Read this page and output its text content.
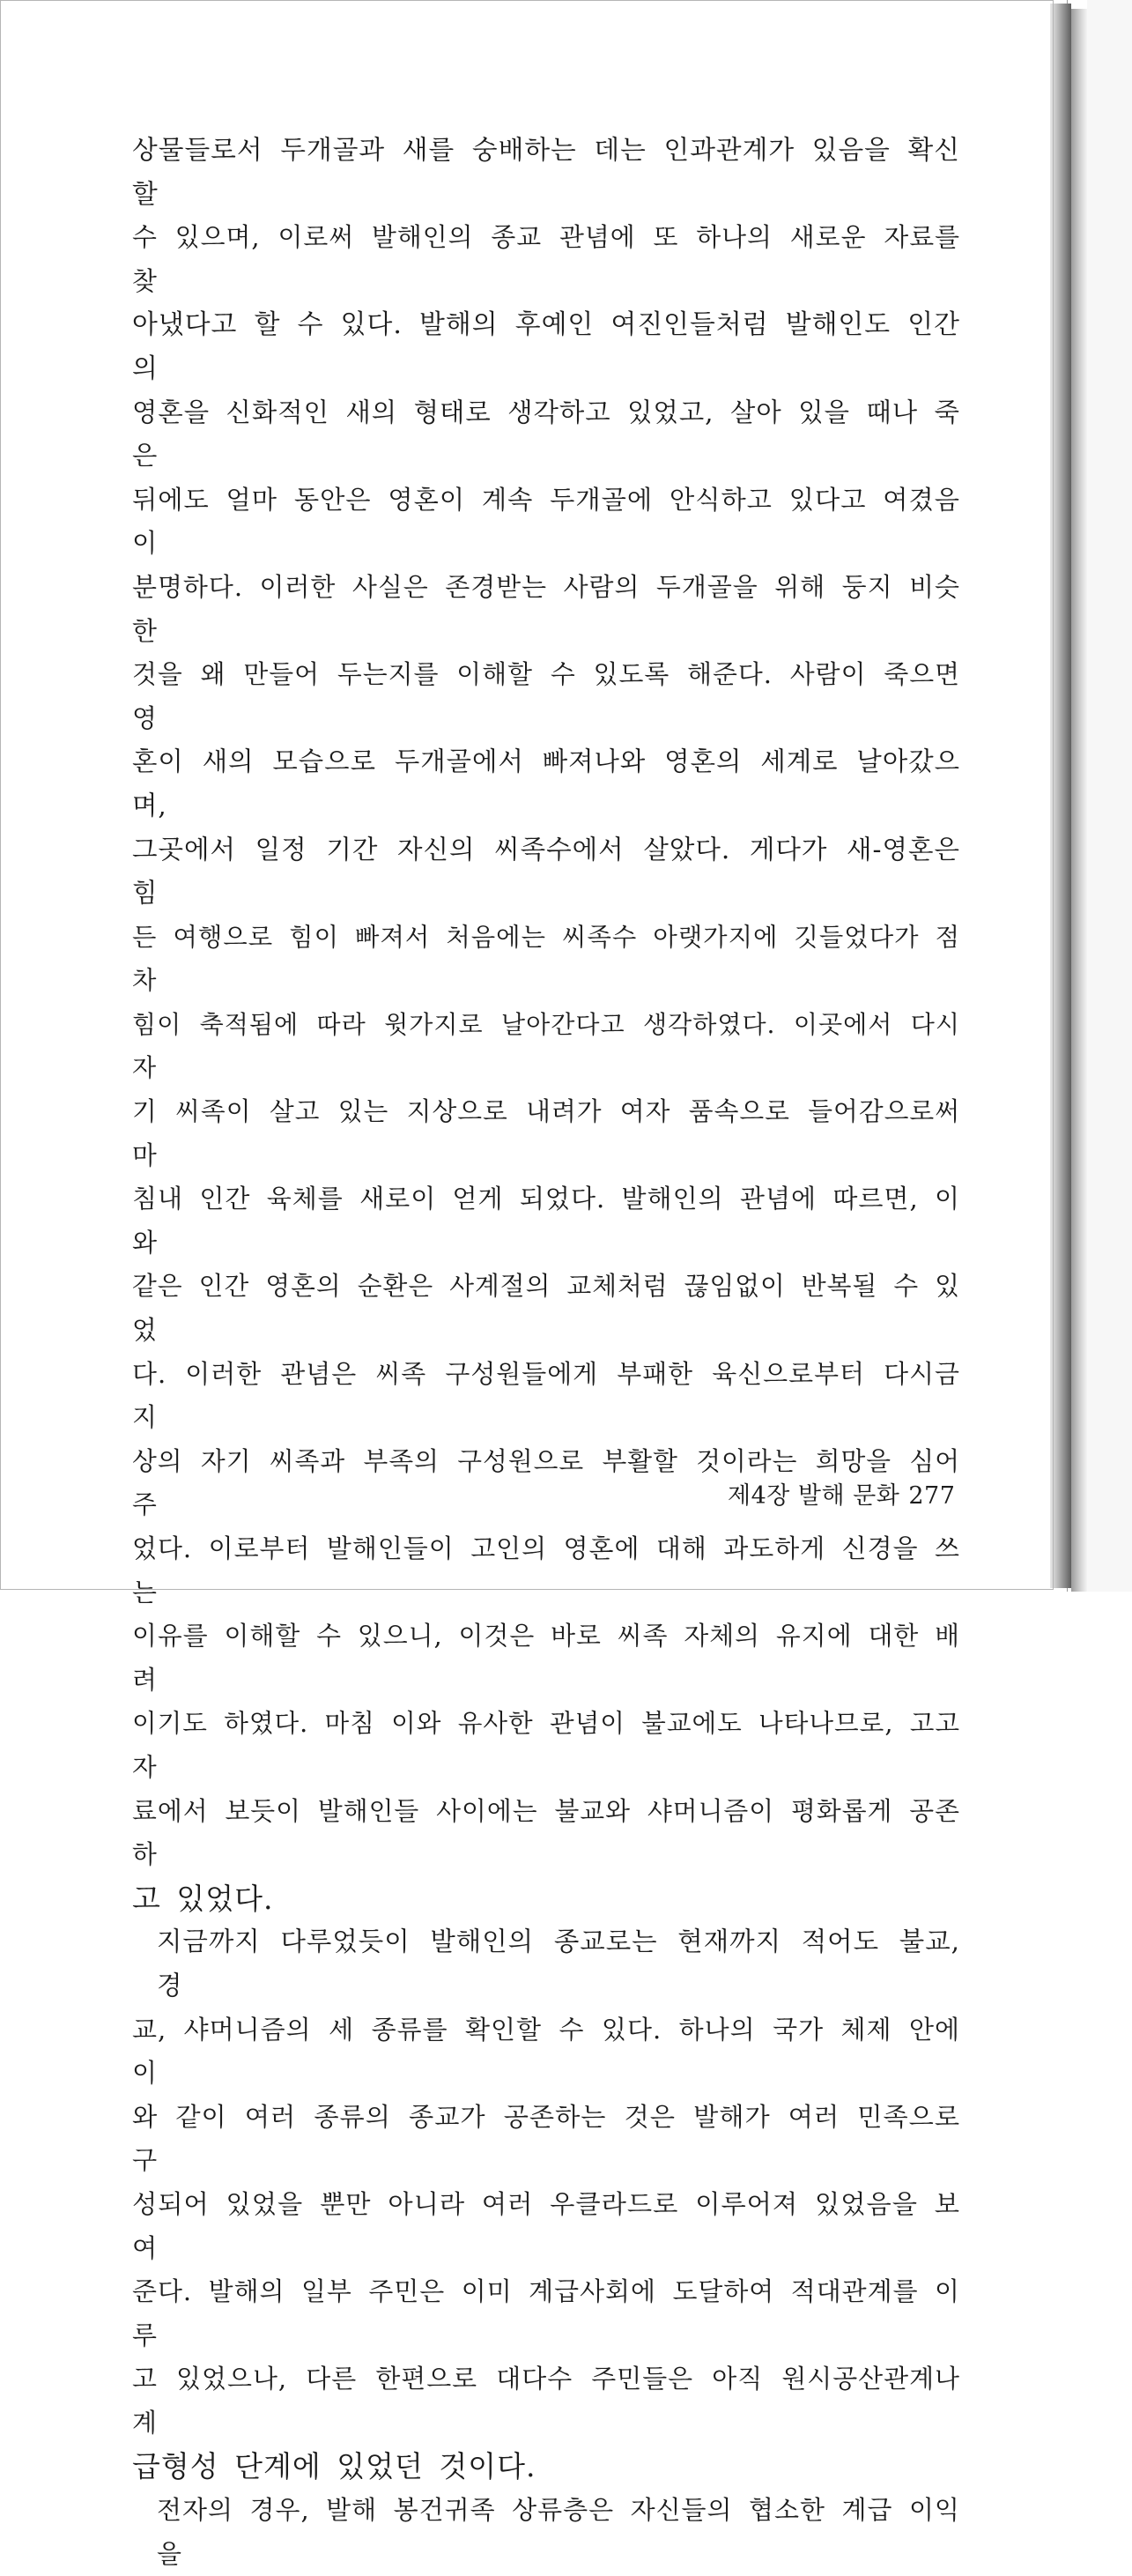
상물들로서 두개골과 새를 숭배하는 데는 인과관계가 있음을 확신할
수 있으며, 이로써 발해인의 종교 관념에 또 하나의 새로운 자료를 찾
아냈다고 할 수 있다. 발해의 후예인 여진인들처럼 발해인도 인간의
영혼을 신화적인 새의 형태로 생각하고 있었고, 살아 있을 때나 죽은
뒤에도 얼마 동안은 영혼이 계속 두개골에 안식하고 있다고 여겼음이
분명하다. 이러한 사실은 존경받는 사람의 두개골을 위해 둥지 비슷한
것을 왜 만들어 두는지를 이해할 수 있도록 해준다. 사람이 죽으면 영
혼이 새의 모습으로 두개골에서 빠져나와 영혼의 세계로 날아갔으며,
그곳에서 일정 기간 자신의 씨족수에서 살았다. 게다가 새-영혼은 힘
든 여행으로 힘이 빠져서 처음에는 씨족수 아랫가지에 깃들었다가 점차
힘이 축적됨에 따라 윗가지로 날아간다고 생각하였다. 이곳에서 다시 자
기 씨족이 살고 있는 지상으로 내려가 여자 품속으로 들어감으로써 마
침내 인간 육체를 새로이 얻게 되었다. 발해인의 관념에 따르면, 이와
같은 인간 영혼의 순환은 사계절의 교체처럼 끊임없이 반복될 수 있었
다. 이러한 관념은 씨족 구성원들에게 부패한 육신으로부터 다시금 지
상의 자기 씨족과 부족의 구성원으로 부활할 것이라는 희망을 심어 주
었다. 이로부터 발해인들이 고인의 영혼에 대해 과도하게 신경을 쓰는
이유를 이해할 수 있으니, 이것은 바로 씨족 자체의 유지에 대한 배려
이기도 하였다. 마침 이와 유사한 관념이 불교에도 나타나므로, 고고자
료에서 보듯이 발해인들 사이에는 불교와 샤머니즘이 평화롭게 공존하
고 있었다.

지금까지 다루었듯이 발해인의 종교로는 현재까지 적어도 불교, 경
교, 샤머니즘의 세 종류를 확인할 수 있다. 하나의 국가 체제 안에 이
와 같이 여러 종류의 종교가 공존하는 것은 발해가 여러 민족으로 구
성되어 있었을 뿐만 아니라 여러 우클라드로 이루어져 있었음을 보여
준다. 발해의 일부 주민은 이미 계급사회에 도달하여 적대관계를 이루
고 있었으나, 다른 한편으로 대다수 주민들은 아직 원시공산관계나 계
급형성 단계에 있었던 것이다.

전자의 경우, 발해 봉건귀족 상류층은 자신들의 협소한 계급 이익을

제4장 발해 문화 277
